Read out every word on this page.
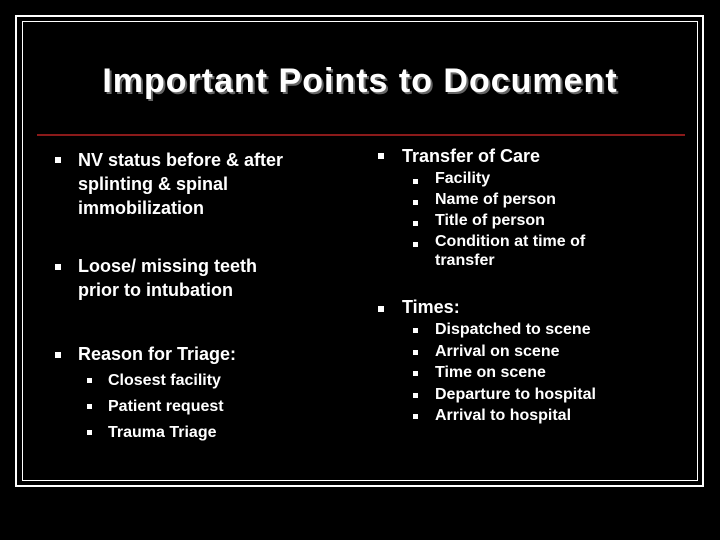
Important Points to Document
NV status before & after
splinting & spinal
immobilization
Loose/ missing teeth
prior to intubation
Reason for Triage:
Closest facility
Patient request
Trauma Triage
Transfer of Care
Facility
Name of person
Title of person
Condition at time of
transfer
Times:
Dispatched to scene
Arrival on scene
Time on scene
Departure to hospital
Arrival to hospital
